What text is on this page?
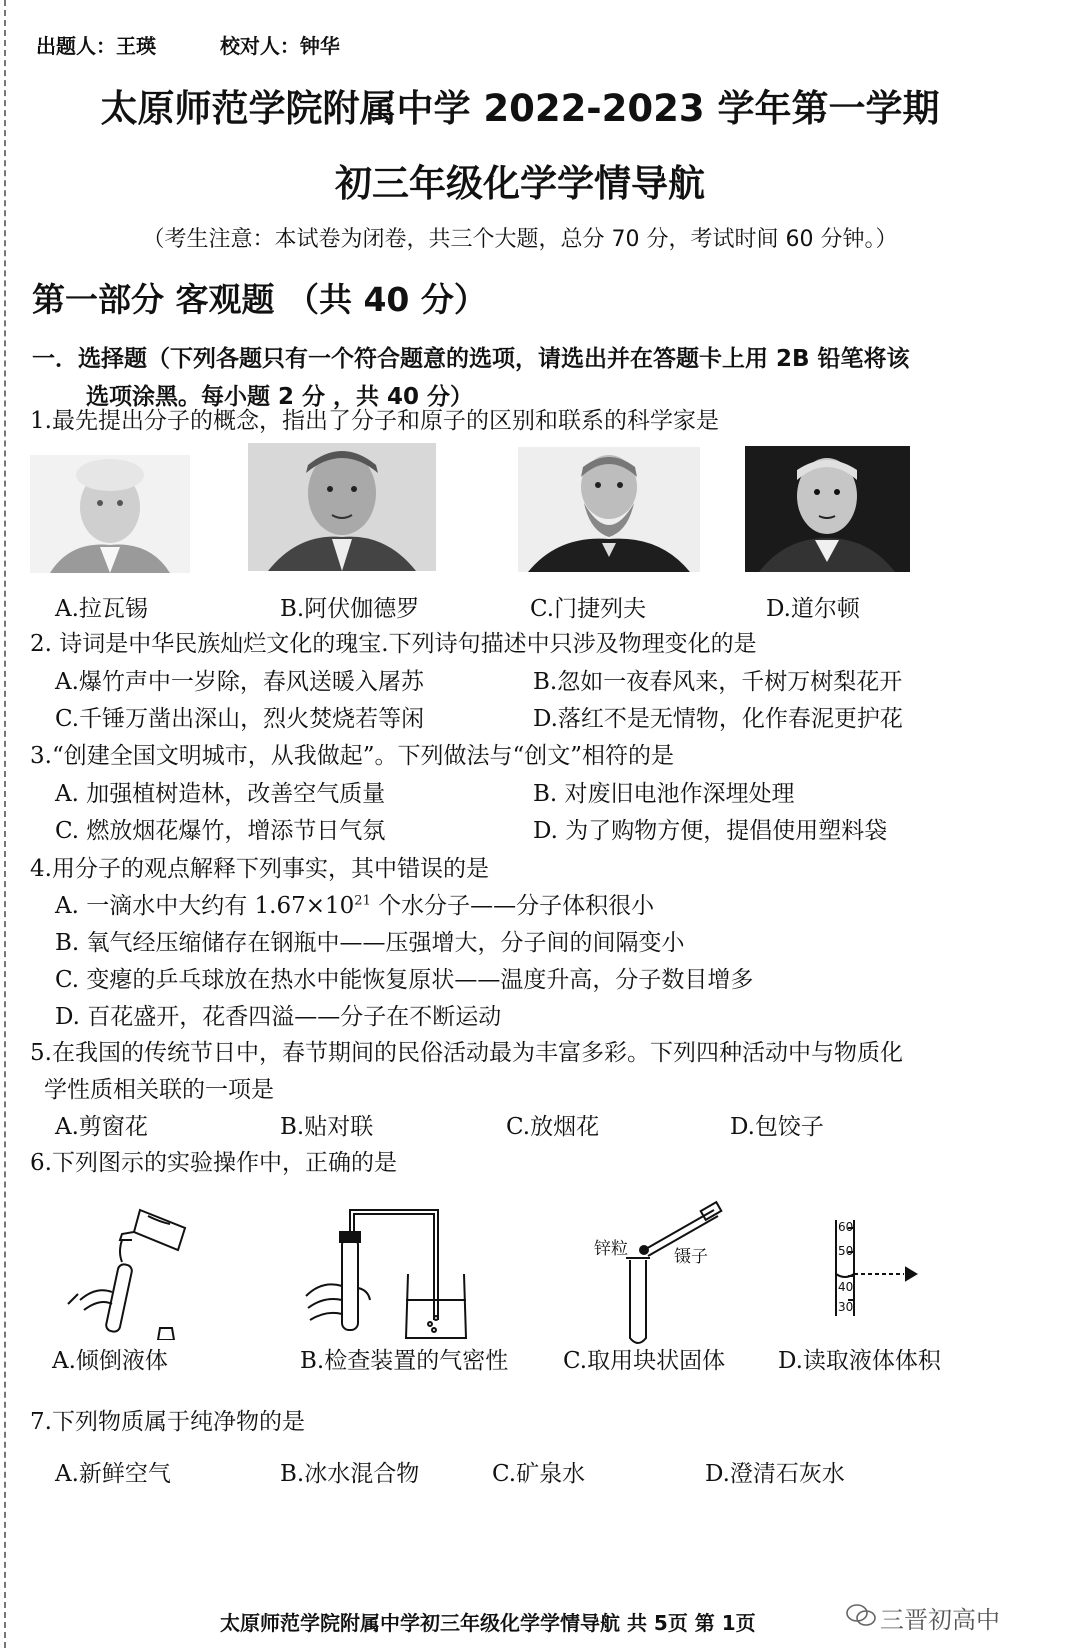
出题人：王瑛	校对人：钟华
太原师范学院附属中学 2022-2023 学年第一学期
初三年级化学学情导航
（考生注意：本试卷为闭卷，共三个大题，总分 70 分，考试时间 60 分钟。）
第一部分 客观题 （共 40 分）
一．选择题（下列各题只有一个符合题意的选项，请选出并在答题卡上用 2B 铅笔将该
选项涂黑。每小题 2 分 ，共 40 分）
1.最先提出分子的概念，指出了分子和原子的区别和联系的科学家是
A.拉瓦锡	B.阿伏伽德罗	C.门捷列夫	D.道尔顿
2. 诗词是中华民族灿烂文化的瑰宝.下列诗句描述中只涉及物理变化的是
A.爆竹声中一岁除，春风送暖入屠苏	B.忽如一夜春风来，千树万树梨花开
C.千锤万凿出深山，烈火焚烧若等闲	D.落红不是无情物，化作春泥更护花
3.“创建全国文明城市，从我做起”。下列做法与“创文”相符的是
A. 加强植树造林，改善空气质量	B. 对废旧电池作深埋处理
C. 燃放烟花爆竹，增添节日气氛	D. 为了购物方便，提倡使用塑料袋
4.用分子的观点解释下列事实，其中错误的是
A. 一滴水中大约有 $1.67\times 10^{21}$ 个水分子——分子体积很小
B. 氧气经压缩储存在钢瓶中——压强增大，分子间的间隔变小
C. 变瘪的乒乓球放在热水中能恢复原状——温度升高，分子数目增多
D. 百花盛开，花香四溢——分子在不断运动
5.在我国的传统节日中，春节期间的民俗活动最为丰富多彩。下列四种活动中与物质化
学性质相关联的一项是
A.剪窗花	B.贴对联	C.放烟花	D.包饺子
6.下列图示的实验操作中，正确的是
锌粒	镊子
60
50
40
30
A.倾倒液体	B.检查装置的气密性 C.取用块状固体 D.读取液体体积
7.下列物质属于纯净物的是
A.新鲜空气	B.冰水混合物	C.矿泉水	D.澄清石灰水
太原师范学院附属中学初三年级化学学情导航 共 5页 第 1页	三晋初高中
